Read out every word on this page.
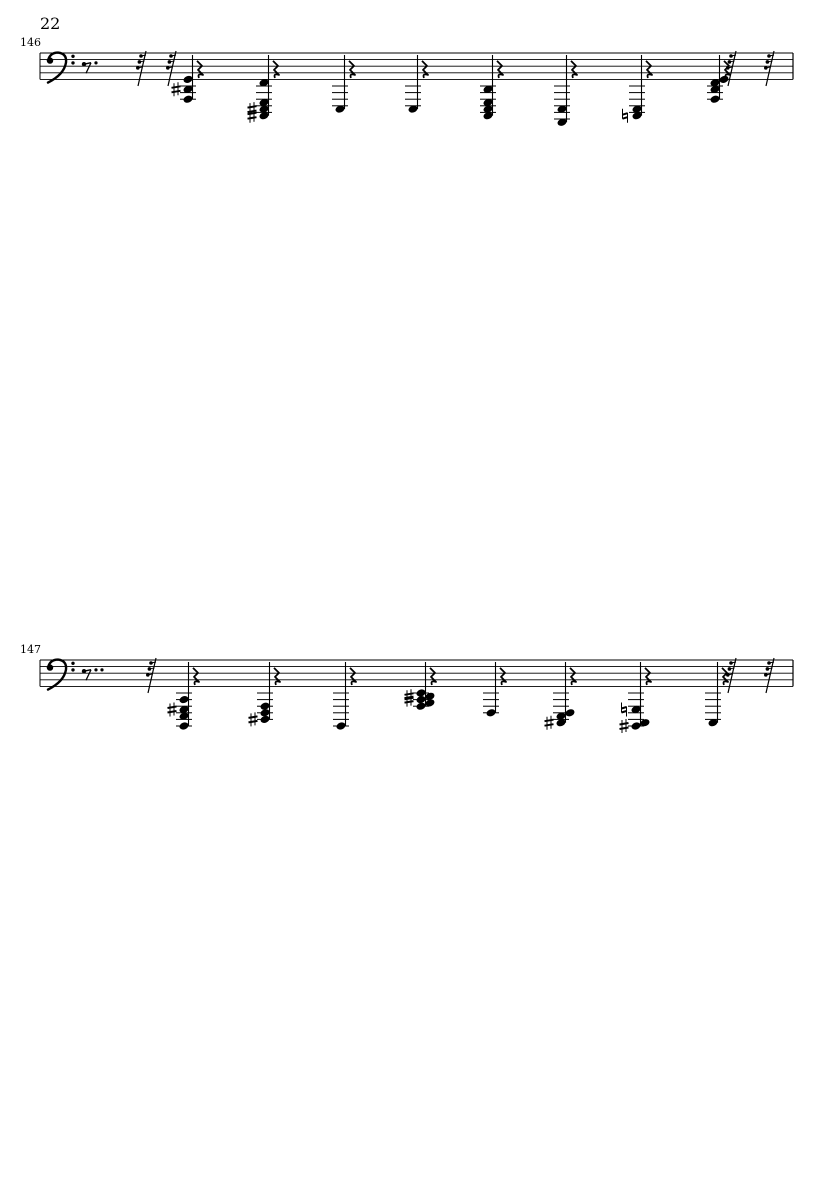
22
146
147
